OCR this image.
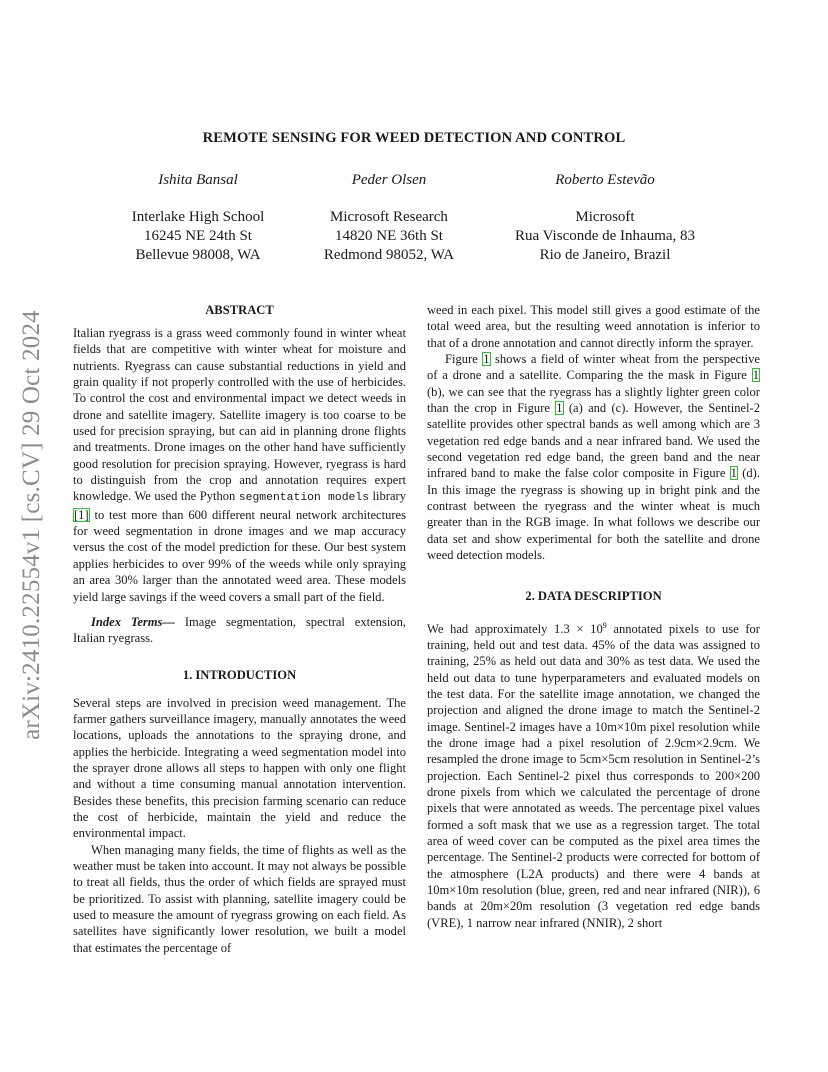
arXiv:2410.22554v1 [cs.CV] 29 Oct 2024
REMOTE SENSING FOR WEED DETECTION AND CONTROL
Ishita Bansal
Interlake High School
16245 NE 24th St
Bellevue 98008, WA
Peder Olsen
Microsoft Research
14820 NE 36th St
Redmond 98052, WA
Roberto Estevão
Microsoft
Rua Visconde de Inhauma, 83
Rio de Janeiro, Brazil

ABSTRACT

Italian ryegrass is a grass weed commonly found in winter wheat fields that are competitive with winter wheat for moisture and nutrients. Ryegrass can cause substantial reductions in yield and grain quality if not properly controlled with the use of herbicides. To control the cost and environmental impact we detect weeds in drone and satellite imagery. Satellite imagery is too coarse to be used for precision spraying, but can aid in planning drone flights and treatments. Drone images on the other hand have sufficiently good resolution for precision spraying. However, ryegrass is hard to distinguish from the crop and annotation requires expert knowledge. We used the Python segmentation models library [1] to test more than 600 different neural network architectures for weed segmentation in drone images and we map accuracy versus the cost of the model prediction for these. Our best system applies herbicides to over 99% of the weeds while only spraying an area 30% larger than the annotated weed area. These models yield large savings if the weed covers a small part of the field.

Index Terms— Image segmentation, spectral extension, Italian ryegrass.

1. INTRODUCTION

Several steps are involved in precision weed management. The farmer gathers surveillance imagery, manually annotates the weed locations, uploads the annotations to the spraying drone, and applies the herbicide. Integrating a weed segmentation model into the sprayer drone allows all steps to happen with only one flight and without a time consuming manual annotation intervention. Besides these benefits, this precision farming scenario can reduce the cost of herbicide, maintain the yield and reduce the environmental impact.

When managing many fields, the time of flights as well as the weather must be taken into account. It may not always be possible to treat all fields, thus the order of which fields are sprayed must be prioritized. To assist with planning, satellite imagery could be used to measure the amount of ryegrass growing on each field. As satellites have significantly lower resolution, we built a model that estimates the percentage of

weed in each pixel. This model still gives a good estimate of the total weed area, but the resulting weed annotation is inferior to that of a drone annotation and cannot directly inform the sprayer.

Figure 1 shows a field of winter wheat from the perspective of a drone and a satellite. Comparing the the mask in Figure 1 (b), we can see that the ryegrass has a slightly lighter green color than the crop in Figure 1 (a) and (c). However, the Sentinel-2 satellite provides other spectral bands as well among which are 3 vegetation red edge bands and a near infrared band. We used the second vegetation red edge band, the green band and the near infrared band to make the false color composite in Figure 1 (d). In this image the ryegrass is showing up in bright pink and the contrast between the ryegrass and the winter wheat is much greater than in the RGB image. In what follows we describe our data set and show experimental for both the satellite and drone weed detection models.

2. DATA DESCRIPTION

We had approximately $1.3 \times 10^9$ annotated pixels to use for training, held out and test data. 45% of the data was assigned to training, 25% as held out data and 30% as test data. We used the held out data to tune hyperparameters and evaluated models on the test data. For the satellite image annotation, we changed the projection and aligned the drone image to match the Sentinel-2 image. Sentinel-2 images have a 10m×10m pixel resolution while the drone image had a pixel resolution of 2.9cm×2.9cm. We resampled the drone image to 5cm×5cm resolution in Sentinel-2’s projection. Each Sentinel-2 pixel thus corresponds to 200×200 drone pixels from which we calculated the percentage of drone pixels that were annotated as weeds. The percentage pixel values formed a soft mask that we use as a regression target. The total area of weed cover can be computed as the pixel area times the percentage. The Sentinel-2 products were corrected for bottom of the atmosphere (L2A products) and there were 4 bands at 10m×10m resolution (blue, green, red and near infrared (NIR)), 6 bands at 20m×20m resolution (3 vegetation red edge bands (VRE), 1 narrow near infrared (NNIR), 2 short
